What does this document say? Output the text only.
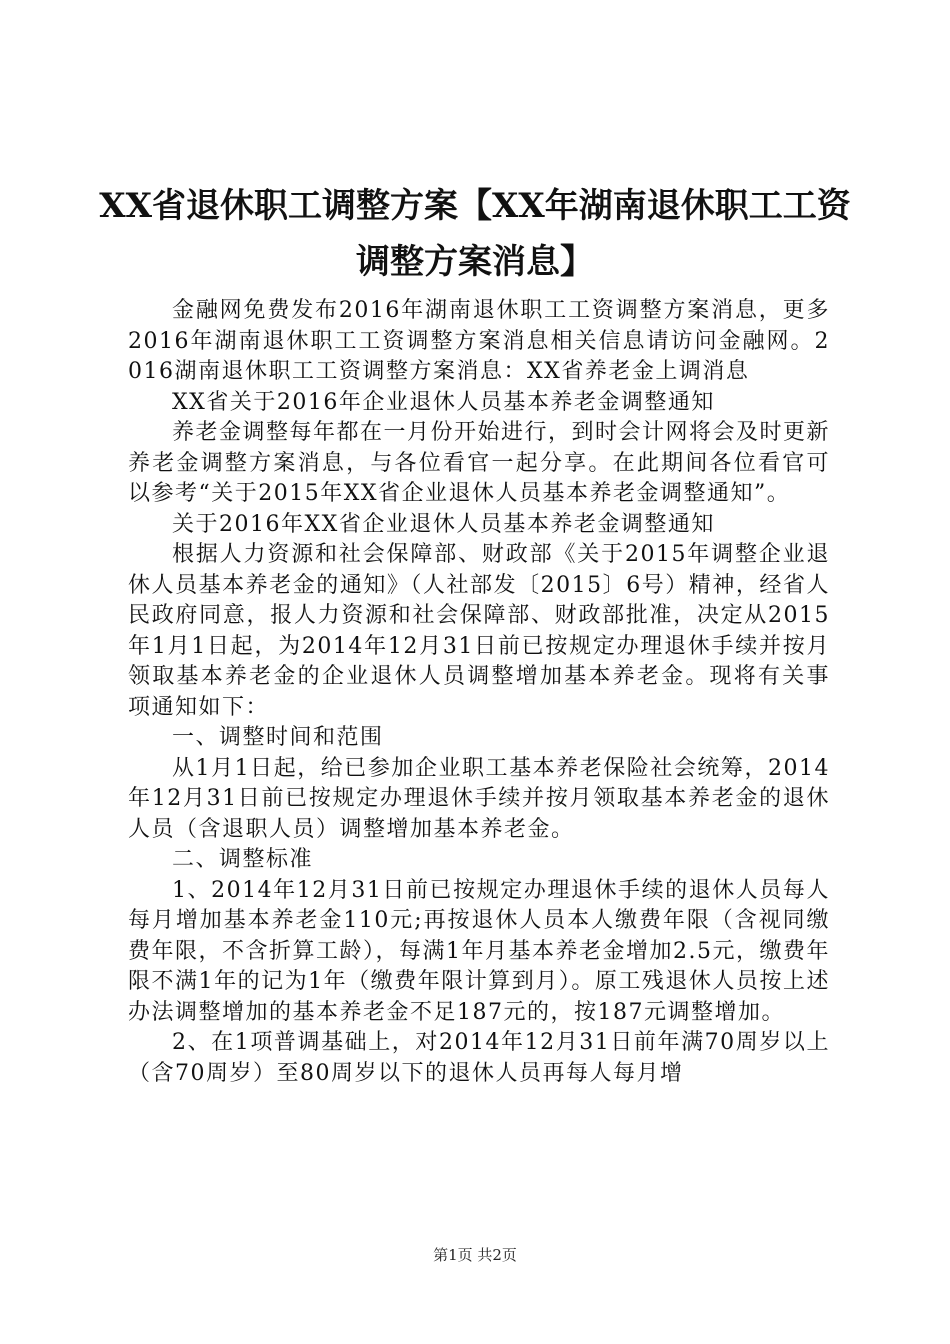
XX省退休职工调整方案【XX年湖南退休职工工资调整方案消息】

金融网免费发布2016年湖南退休职工工资调整方案消息，更多2016年湖南退休职工工资调整方案消息相关信息请访问金融网。2016湖南退休职工工资调整方案消息：XX省养老金上调消息

XX省关于2016年企业退休人员基本养老金调整通知

养老金调整每年都在一月份开始进行，到时会计网将会及时更新养老金调整方案消息，与各位看官一起分享。在此期间各位看官可以参考“关于2015年XX省企业退休人员基本养老金调整通知”。

关于2016年XX省企业退休人员基本养老金调整通知

根据人力资源和社会保障部、财政部《关于2015年调整企业退休人员基本养老金的通知》（人社部发〔2015〕6号）精神，经省人民政府同意，报人力资源和社会保障部、财政部批准，决定从2015年1月1日起，为2014年12月31日前已按规定办理退休手续并按月领取基本养老金的企业退休人员调整增加基本养老金。现将有关事项通知如下：

一、调整时间和范围

从1月1日起，给已参加企业职工基本养老保险社会统筹，2014年12月31日前已按规定办理退休手续并按月领取基本养老金的退休人员（含退职人员）调整增加基本养老金。

二、调整标准

1、2014年12月31日前已按规定办理退休手续的退休人员每人每月增加基本养老金110元;再按退休人员本人缴费年限（含视同缴费年限，不含折算工龄），每满1年月基本养老金增加2.5元，缴费年限不满1年的记为1年（缴费年限计算到月）。原工残退休人员按上述办法调整增加的基本养老金不足187元的，按187元调整增加。

2、在1项普调基础上，对2014年12月31日前年满70周岁以上（含70周岁）至80周岁以下的退休人员再每人每月增

第1页 共2页
